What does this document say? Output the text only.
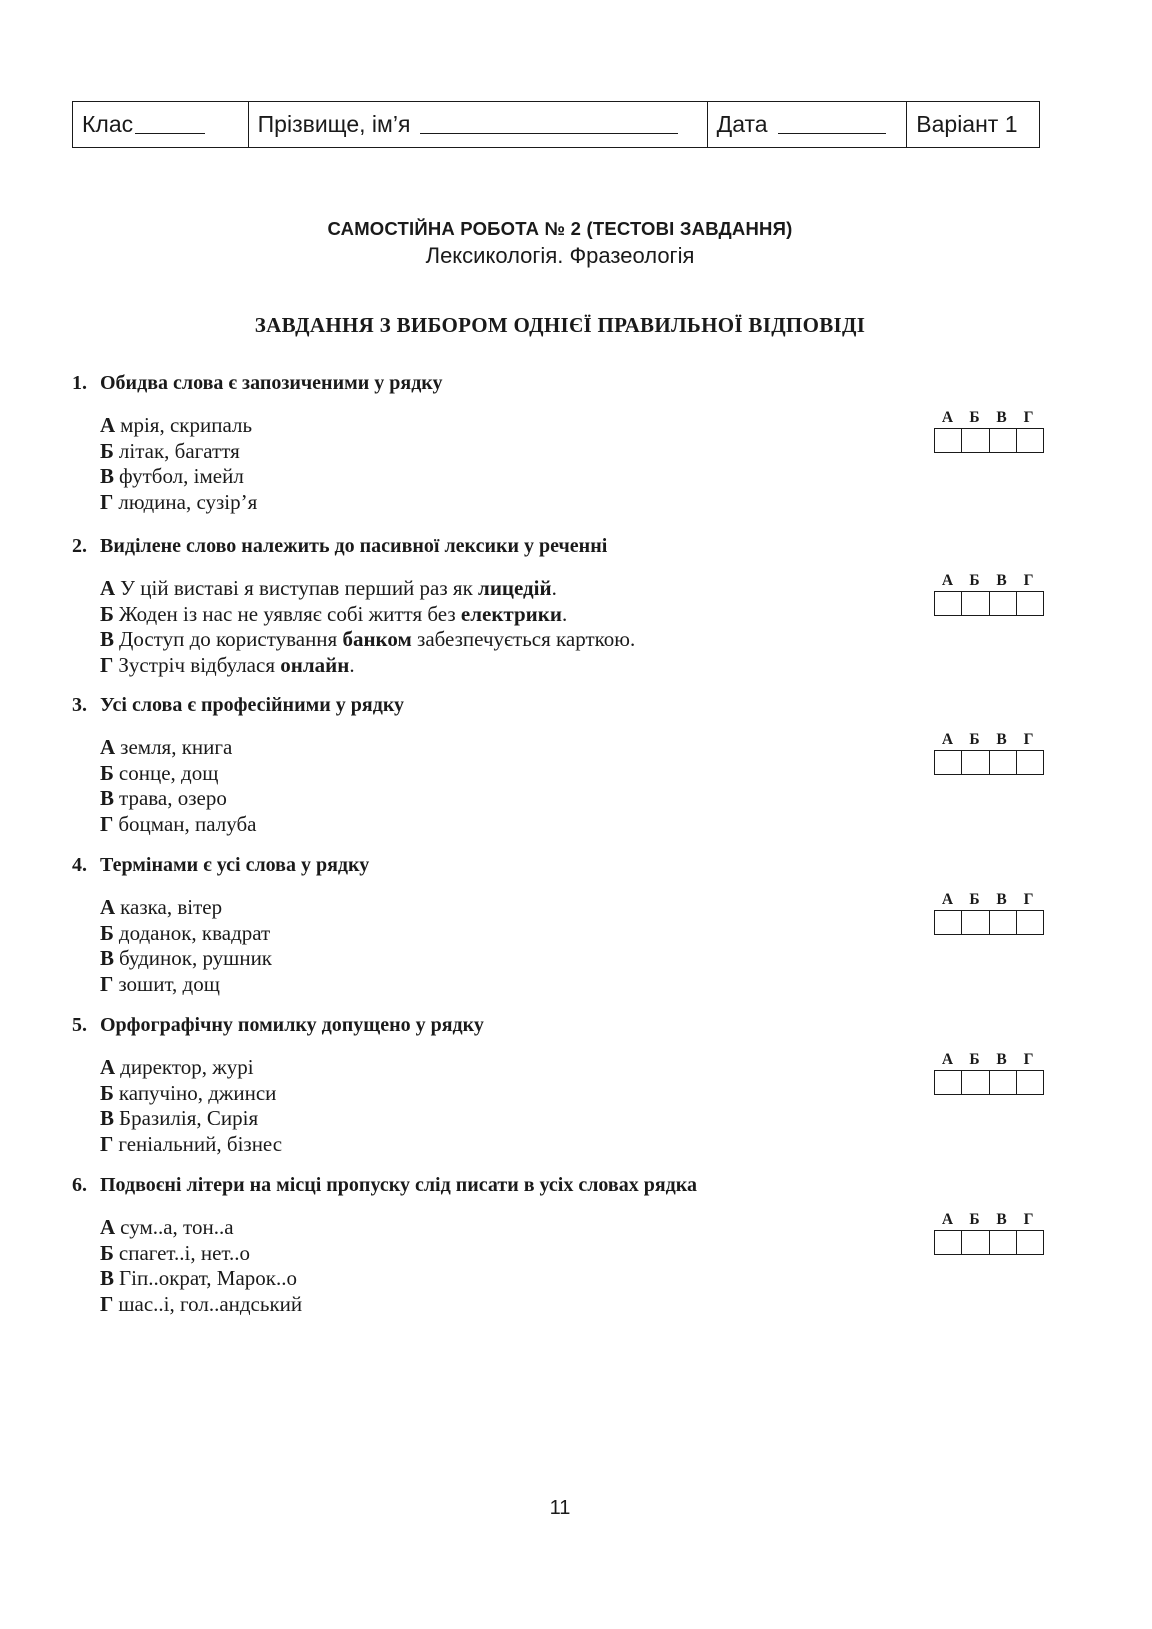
Клас	Прізвище, ім’я	Дата	Варіант 1
САМОСТІЙНА РОБОТА № 2 (ТЕСТОВІ ЗАВДАННЯ)
Лексикологія. Фразеологія
ЗАВДАННЯ З ВИБОРОМ ОДНІЄЇ ПРАВИЛЬНОЇ ВІДПОВІДІ
1. Обидва слова є запозиченими у рядку
А мрія, скрипаль
Б літак, багаття
В футбол, імейл
Г людина, сузір’я
А	Б	В	Г
2. Виділене слово належить до пасивної лексики у реченні
А У цій виставі я виступав перший раз як лицедій.
Б Жоден із нас не уявляє собі життя без електрики.
В Доступ до користування банком забезпечується карткою.
Г Зустріч відбулася онлайн.
А	Б	В	Г
3. Усі слова є професійними у рядку
А земля, книга
Б сонце, дощ
В трава, озеро
Г боцман, палуба
А	Б	В	Г
4. Термінами є усі слова у рядку
А казка, вітер
Б доданок, квадрат
В будинок, рушник
Г зошит, дощ
А	Б	В	Г
5. Орфографічну помилку допущено у рядку
А директор, журі
Б капучіно, джинси
В Бразилія, Сирія
Г геніальний, бізнес
А	Б	В	Г
6. Подвоєні літери на місці пропуску слід писати в усіх словах рядка
А сум..а, тон..а
Б спагет..і, нет..о
В Гіп..ократ, Марок..о
Г шас..і, гол..андський
А	Б	В	Г
11
